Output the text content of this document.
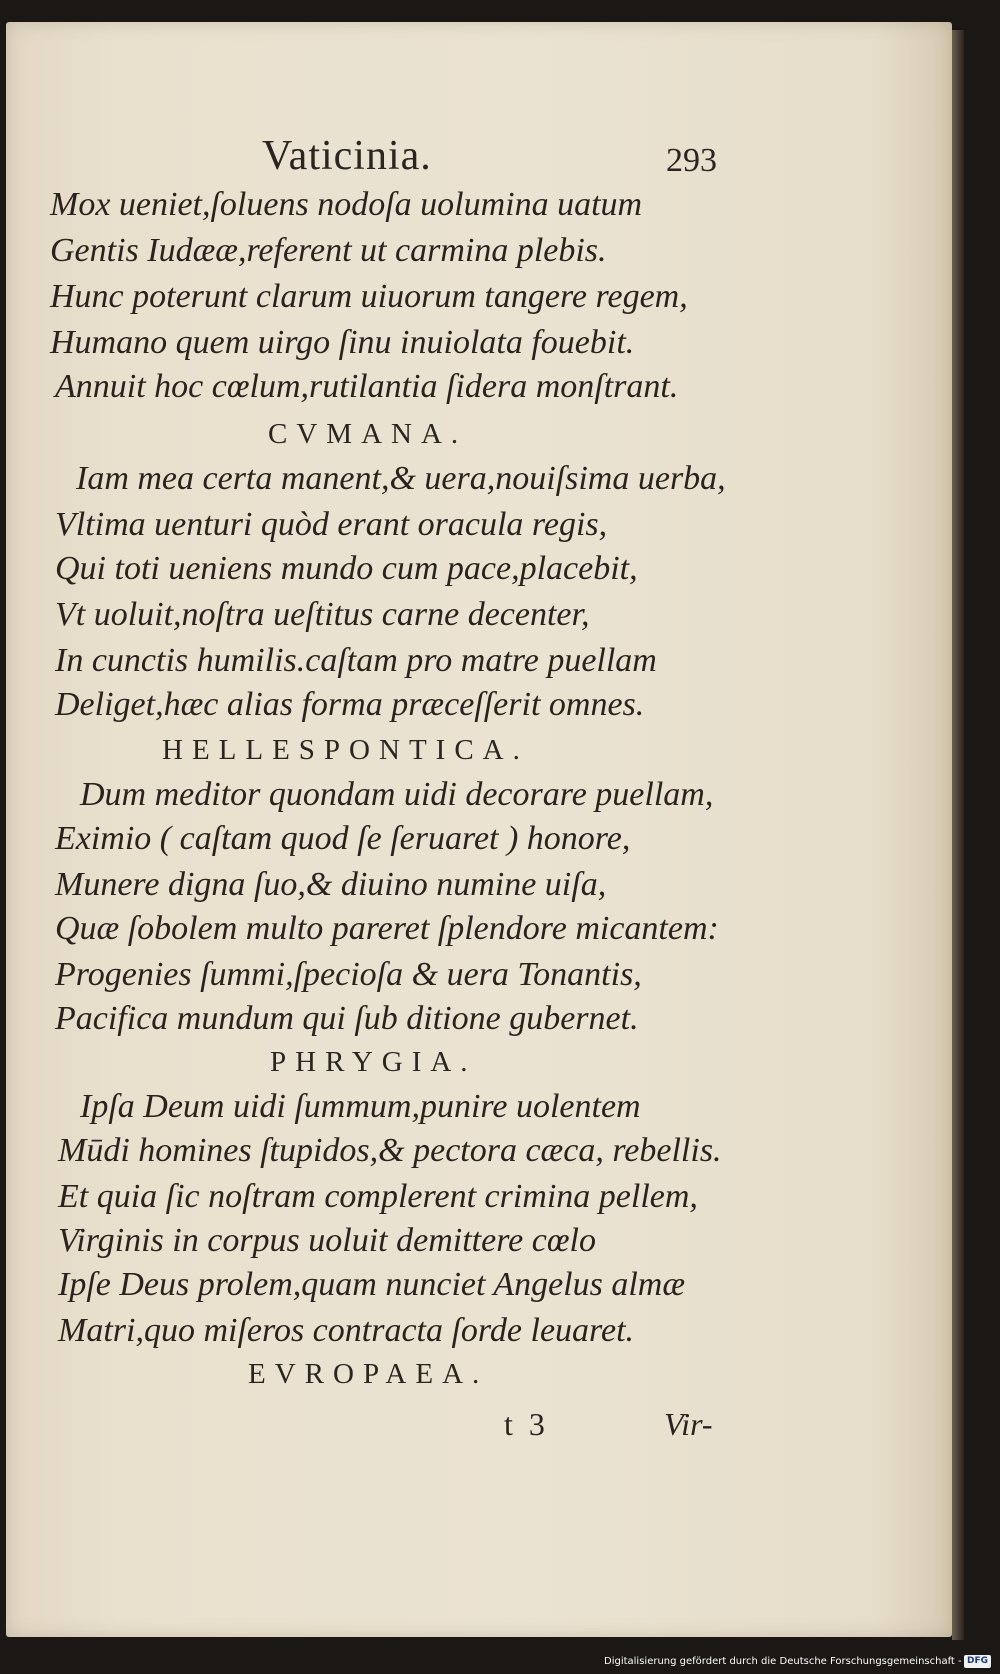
Vaticinia.	293
Mox ueniet,ſoluens nodoſa uolumina uatum
Gentis Iudææ,referent ut carmina plebis.
Hunc poterunt clarum uiuorum tangere regem,
Humano quem uirgo ſinu inuiolata fouebit.
Annuit hoc cœlum,rutilantia ſidera monſtrant.
CVMANA.
Iam mea certa manent,& uera,nouiſsima uerba,
Vltima uenturi quòd erant oracula regis,
Qui toti ueniens mundo cum pace,placebit,
Vt uoluit,noſtra ueſtitus carne decenter,
In cunctis humilis.caſtam pro matre puellam
Deliget,hæc alias forma præceſſerit omnes.
HELLESPONTICA.
Dum meditor quondam uidi decorare puellam,
Eximio ( caſtam quod ſe ſeruaret ) honore,
Munere digna ſuo,& diuino numine uiſa,
Quæ ſobolem multo pareret ſplendore micantem:
Progenies ſummi,ſpecioſa & uera Tonantis,
Pacifica mundum qui ſub ditione gubernet.
PHRYGIA.
Ipſa Deum uidi ſummum,punire uolentem
Mūdi homines ſtupidos,& pectora cæca, rebellis.
Et quia ſic noſtram complerent crimina pellem,
Virginis in corpus uoluit demittere cœlo
Ipſe Deus prolem,quam nunciet Angelus almæ
Matri,quo miſeros contracta ſorde leuaret.
EVROPAEA.
t  3	Vir-
Digitalisierung gefördert durch die Deutsche Forschungsgemeinschaft - DFG
